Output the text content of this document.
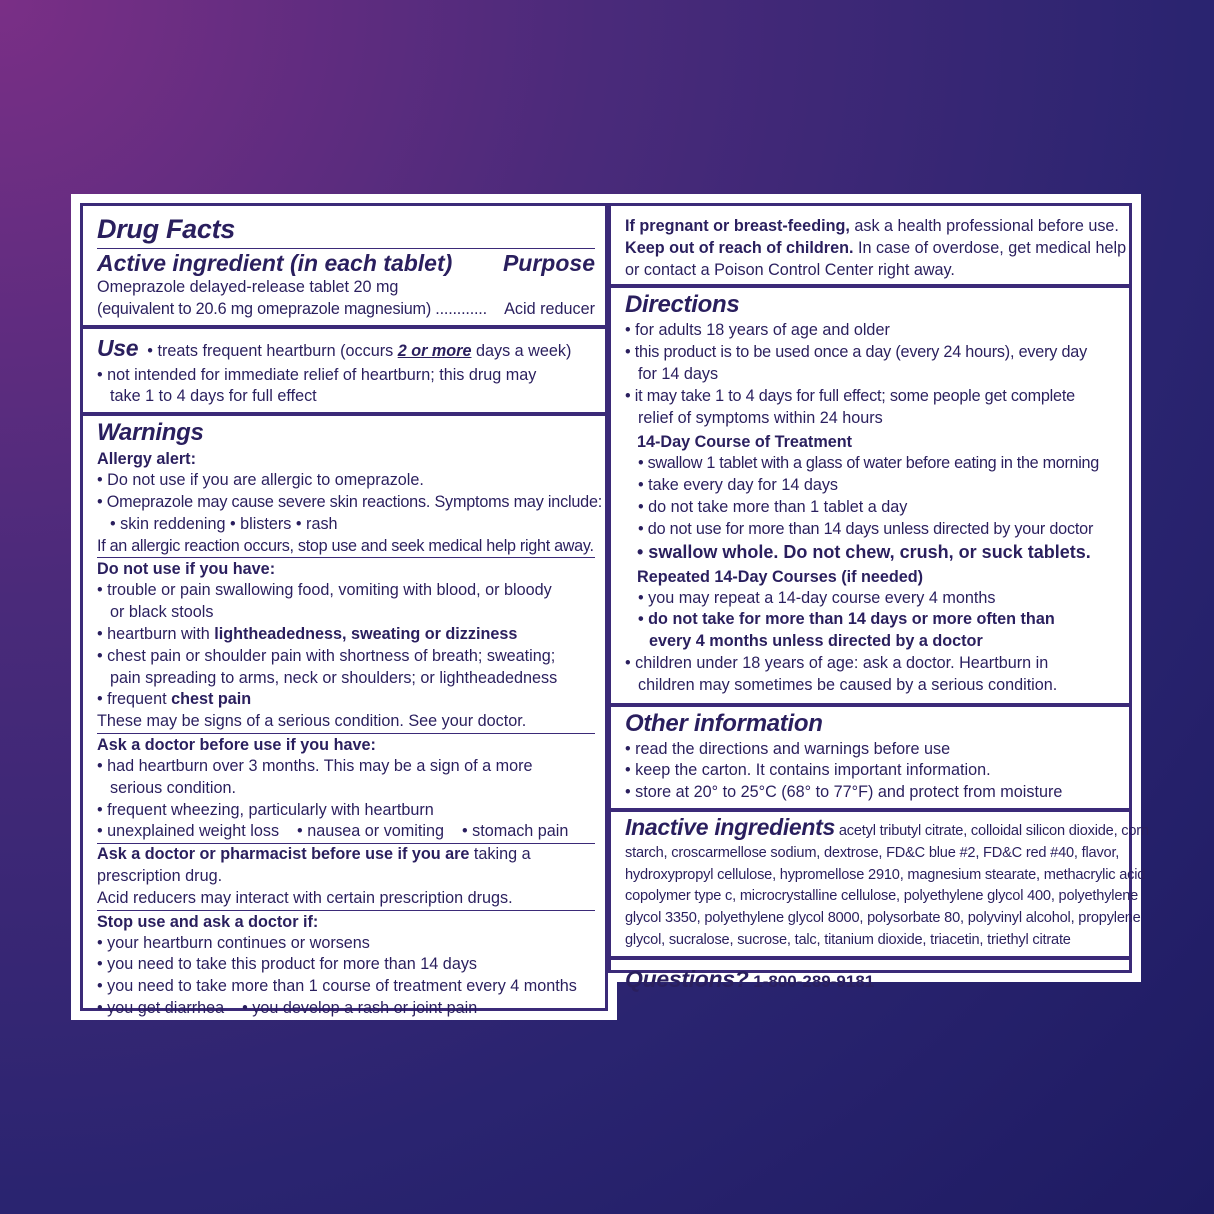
Drug Facts
Active ingredient (in each tablet) Purpose
Omeprazole delayed-release tablet 20 mg
(equivalent to 20.6 mg omeprazole magnesium) ............ Acid reducer
Use • treats frequent heartburn (occurs 2 or more days a week)
• not intended for immediate relief of heartburn; this drug may
take 1 to 4 days for full effect
Warnings
Allergy alert:
• Do not use if you are allergic to omeprazole.
• Omeprazole may cause severe skin reactions. Symptoms may include:
• skin reddening • blisters • rash
If an allergic reaction occurs, stop use and seek medical help right away.
Do not use if you have:
• trouble or pain swallowing food, vomiting with blood, or bloody
or black stools
• heartburn with lightheadedness, sweating or dizziness
• chest pain or shoulder pain with shortness of breath; sweating;
pain spreading to arms, neck or shoulders; or lightheadedness
• frequent chest pain
These may be signs of a serious condition. See your doctor.
Ask a doctor before use if you have:
• had heartburn over 3 months. This may be a sign of a more
serious condition.
• frequent wheezing, particularly with heartburn
• unexplained weight loss    • nausea or vomiting    • stomach pain
Ask a doctor or pharmacist before use if you are taking a
prescription drug.
Acid reducers may interact with certain prescription drugs.
Stop use and ask a doctor if:
• your heartburn continues or worsens
• you need to take this product for more than 14 days
• you need to take more than 1 course of treatment every 4 months
• you get diarrhea    • you develop a rash or joint pain
If pregnant or breast-feeding, ask a health professional before use.
Keep out of reach of children. In case of overdose, get medical help
or contact a Poison Control Center right away.
Directions
• for adults 18 years of age and older
• this product is to be used once a day (every 24 hours), every day
for 14 days
• it may take 1 to 4 days for full effect; some people get complete
relief of symptoms within 24 hours
14-Day Course of Treatment
• swallow 1 tablet with a glass of water before eating in the morning
• take every day for 14 days
• do not take more than 1 tablet a day
• do not use for more than 14 days unless directed by your doctor
• swallow whole. Do not chew, crush, or suck tablets.
Repeated 14-Day Courses (if needed)
• you may repeat a 14-day course every 4 months
• do not take for more than 14 days or more often than
every 4 months unless directed by a doctor
• children under 18 years of age: ask a doctor. Heartburn in
children may sometimes be caused by a serious condition.
Other information
• read the directions and warnings before use
• keep the carton. It contains important information.
• store at 20° to 25°C (68° to 77°F) and protect from moisture
Inactive ingredients acetyl tributyl citrate, colloidal silicon dioxide, corn
starch, croscarmellose sodium, dextrose, FD&C blue #2, FD&C red #40, flavor,
hydroxypropyl cellulose, hypromellose 2910, magnesium stearate, methacrylic acid
copolymer type c, microcrystalline cellulose, polyethylene glycol 400, polyethylene
glycol 3350, polyethylene glycol 8000, polysorbate 80, polyvinyl alcohol, propylene
glycol, sucralose, sucrose, talc, titanium dioxide, triacetin, triethyl citrate
Questions? 1-800-289-9181
